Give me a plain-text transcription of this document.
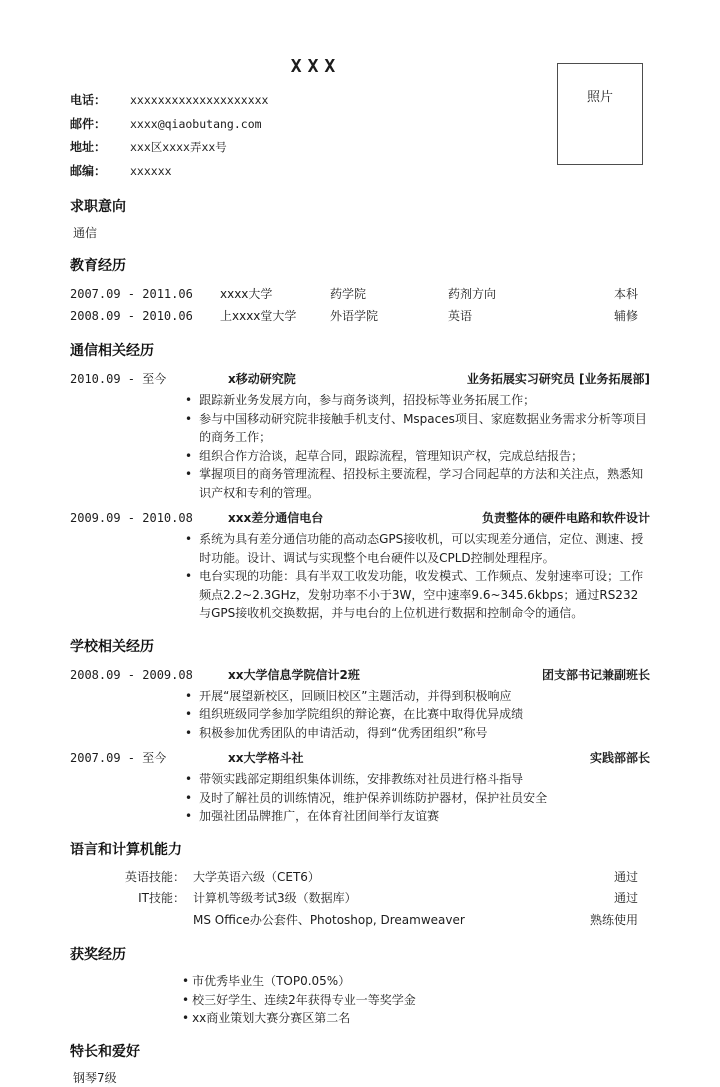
照片
XXX
电话：	xxxxxxxxxxxxxxxxxxxx
邮件：	xxxx@qiaobutang.com
地址：	xxx区xxxx弄xx号
邮编：	xxxxxx
求职意向
通信
教育经历
2007.09 - 2011.06	xxxx大学	药学院	药剂方向	本科
2008.09 - 2010.06	上xxxx堂大学	外语学院	英语	辅修
通信相关经历
2010.09 - 至今	x移动研究院	业务拓展实习研究员 [业务拓展部]
• 跟踪新业务发展方向，参与商务谈判，招投标等业务拓展工作；
• 参与中国移动研究院非接触手机支付、Mspaces项目、家庭数据业务需求分析等项目的商务工作；
• 组织合作方洽谈，起草合同，跟踪流程，管理知识产权，完成总结报告；
• 掌握项目的商务管理流程、招投标主要流程，学习合同起草的方法和关注点，熟悉知识产权和专利的管理。
2009.09 - 2010.08	xxx差分通信电台	负责整体的硬件电路和软件设计
• 系统为具有差分通信功能的高动态GPS接收机，可以实现差分通信，定位、测速、授时功能。设计、调试与实现整个电台硬件以及CPLD控制处理程序。
• 电台实现的功能：具有半双工收发功能，收发模式、工作频点、发射速率可设；工作频点2.2~2.3GHz，发射功率不小于3W，空中速率9.6~345.6kbps；通过RS232与GPS接收机交换数据，并与电台的上位机进行数据和控制命令的通信。
学校相关经历
2008.09 - 2009.08	xx大学信息学院信计2班	团支部书记兼副班长
• 开展“展望新校区，回顾旧校区”主题活动，并得到积极响应
• 组织班级同学参加学院组织的辩论赛，在比赛中取得优异成绩
• 积极参加优秀团队的申请活动，得到“优秀团组织”称号
2007.09 - 至今	xx大学格斗社	实践部部长
• 带领实践部定期组织集体训练，安排教练对社员进行格斗指导
• 及时了解社员的训练情况，维护保养训练防护器材，保护社员安全
• 加强社团品牌推广，在体育社团间举行友谊赛
语言和计算机能力
英语技能： 大学英语六级（CET6）	通过
IT技能： 计算机等级考试3级（数据库）	通过
MS Office办公套件、Photoshop, Dreamweaver	熟练使用
获奖经历
• 市优秀毕业生（TOP0.05%）
• 校三好学生、连续2年获得专业一等奖学金
• xx商业策划大赛分赛区第二名
特长和爱好
钢琴7级
